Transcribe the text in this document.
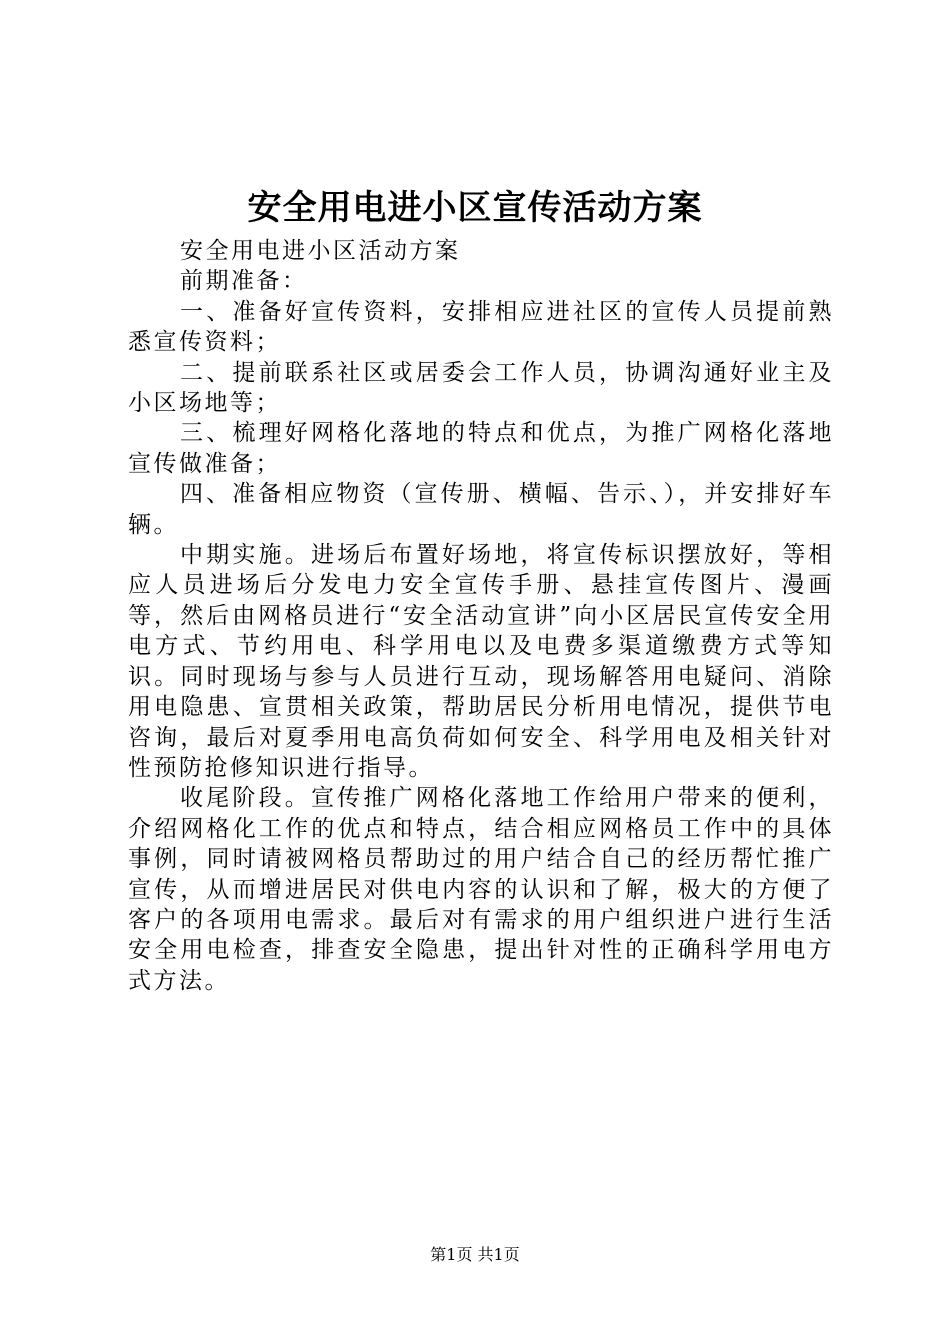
安全用电进小区宣传活动方案

安全用电进小区活动方案

前期准备：

一、准备好宣传资料，安排相应进社区的宣传人员提前熟悉宣传资料；

二、提前联系社区或居委会工作人员，协调沟通好业主及小区场地等；

三、梳理好网格化落地的特点和优点，为推广网格化落地宣传做准备；

四、准备相应物资（宣传册、横幅、告示、），并安排好车辆。

中期实施。进场后布置好场地，将宣传标识摆放好，等相应人员进场后分发电力安全宣传手册、悬挂宣传图片、漫画等，然后由网格员进行“安全活动宣讲”向小区居民宣传安全用电方式、节约用电、科学用电以及电费多渠道缴费方式等知识。同时现场与参与人员进行互动，现场解答用电疑问、消除用电隐患、宣贯相关政策，帮助居民分析用电情况，提供节电咨询，最后对夏季用电高负荷如何安全、科学用电及相关针对性预防抢修知识进行指导。

收尾阶段。宣传推广网格化落地工作给用户带来的便利，介绍网格化工作的优点和特点，结合相应网格员工作中的具体事例，同时请被网格员帮助过的用户结合自己的经历帮忙推广宣传，从而增进居民对供电内容的认识和了解，极大的方便了客户的各项用电需求。最后对有需求的用户组织进户进行生活安全用电检查，排查安全隐患，提出针对性的正确科学用电方式方法。

第1页 共1页
